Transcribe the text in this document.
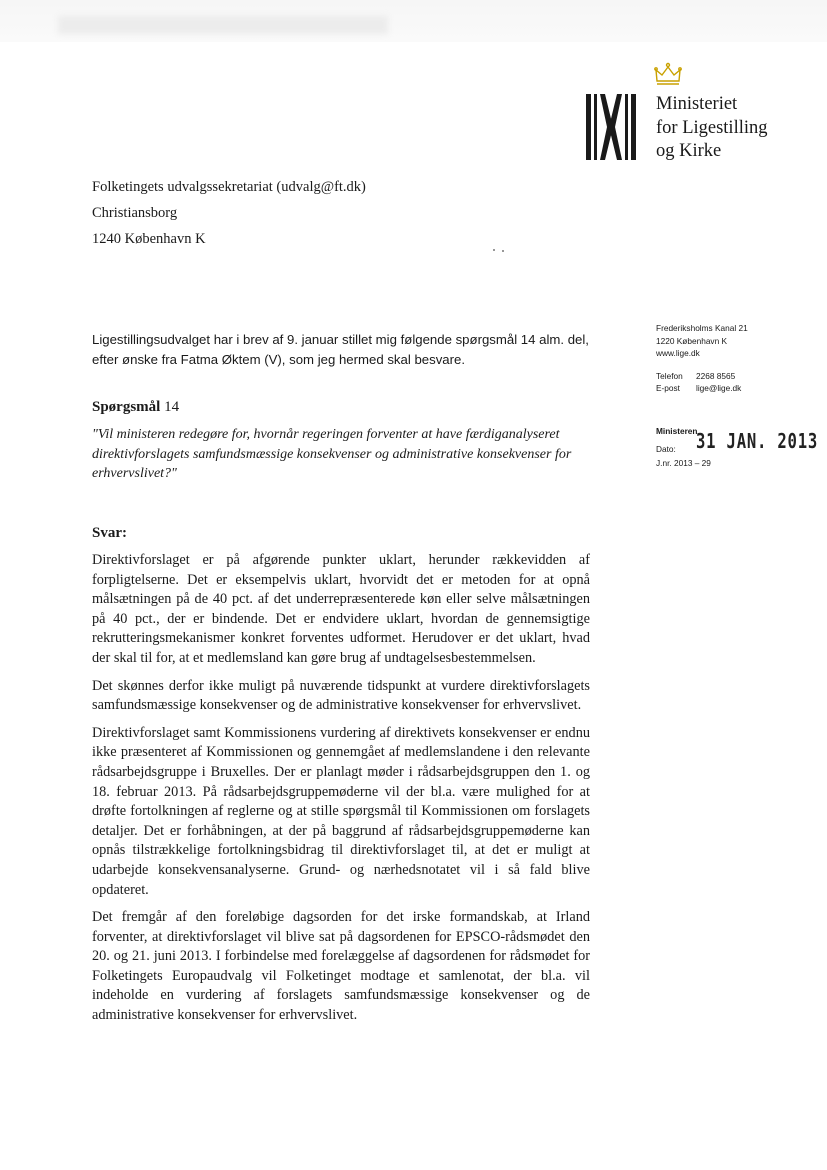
Ministeriet
for Ligestilling
og Kirke
Folketingets udvalgssekretariat (udvalg@ft.dk)
Christiansborg
1240 København K
Frederiksholms Kanal 21
1220 København K
www.lige.dk
Telefon 2268 8565
E-post lige@lige.dk
Ministeren
Dato:	31 JAN. 2013
J.nr. 2013 – 29
Ligestillingsudvalget har i brev af 9. januar stillet mig følgende spørgsmål 14 alm. del, efter ønske fra Fatma Øktem (V), som jeg hermed skal besvare.
Spørgsmål 14
"Vil ministeren redegøre for, hvornår regeringen forventer at have færdiganalyseret direktivforslagets samfundsmæssige konsekvenser og administrative konsekvenser for erhvervslivet?"
Svar:

Direktivforslaget er på afgørende punkter uklart, herunder rækkevidden af forpligtelserne. Det er eksempelvis uklart, hvorvidt det er metoden for at opnå målsætningen på de 40 pct. af det underrepræsenterede køn eller selve målsætningen på 40 pct., der er bindende. Det er endvidere uklart, hvordan de gennemsigtige rekrutteringsmekanismer konkret forventes udformet. Herudover er det uklart, hvad der skal til for, at et medlemsland kan gøre brug af undtagelsesbestemmelsen.

Det skønnes derfor ikke muligt på nuværende tidspunkt at vurdere direktivforslagets samfundsmæssige konsekvenser og de administrative konsekvenser for erhvervslivet.

Direktivforslaget samt Kommissionens vurdering af direktivets konsekvenser er endnu ikke præsenteret af Kommissionen og gennemgået af medlemslandene i den relevante rådsarbejdsgruppe i Bruxelles. Der er planlagt møder i rådsarbejdsgruppen den 1. og 18. februar 2013. På rådsarbejdsgruppemøderne vil der bl.a. være mulighed for at drøfte fortolkningen af reglerne og at stille spørgsmål til Kommissionen om forslagets detaljer. Det er forhåbningen, at der på baggrund af rådsarbejdsgruppemøderne kan opnås tilstrækkelige fortolkningsbidrag til direktivforslaget til, at det er muligt at udarbejde konsekvensanalyserne. Grund- og nærhedsnotatet vil i så fald blive opdateret.

Det fremgår af den foreløbige dagsorden for det irske formandskab, at Irland forventer, at direktivforslaget vil blive sat på dagsordenen for EPSCO-rådsmødet den 20. og 21. juni 2013. I forbindelse med forelæggelse af dagsordenen for rådsmødet for Folketingets Europaudvalg vil Folketinget modtage et samlenotat, der bl.a. vil indeholde en vurdering af forslagets samfundsmæssige konsekvenser og de administrative konsekvenser for erhvervslivet.
